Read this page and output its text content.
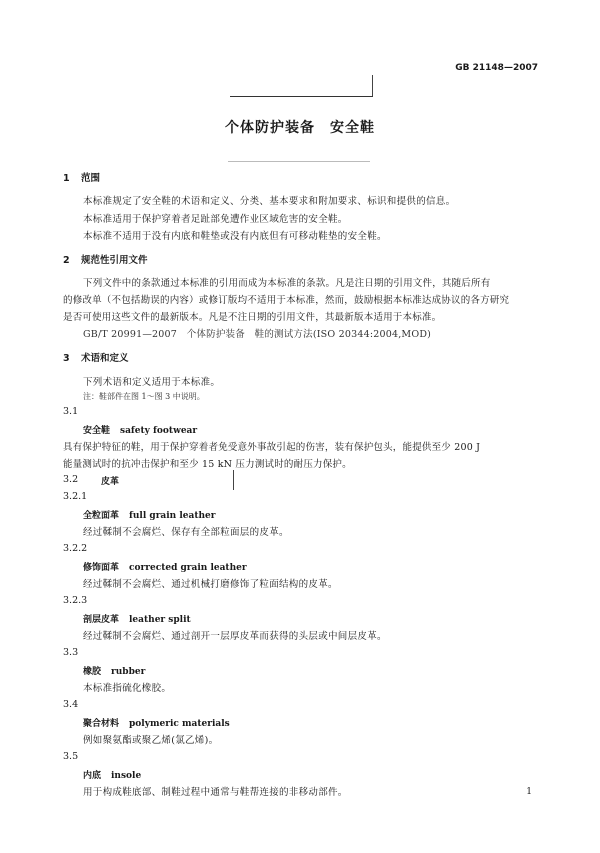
GB 21148—2007
个体防护装备　安全鞋
1 范围
本标准规定了安全鞋的术语和定义、分类、基本要求和附加要求、标识和提供的信息。
本标准适用于保护穿着者足趾部免遭作业区域危害的安全鞋。
本标准不适用于没有内底和鞋垫或没有内底但有可移动鞋垫的安全鞋。
2 规范性引用文件
下列文件中的条款通过本标准的引用而成为本标准的条款。凡是注日期的引用文件，其随后所有
的修改单（不包括勘误的内容）或修订版均不适用于本标准，然而，鼓励根据本标准达成协议的各方研究
是否可使用这些文件的最新版本。凡是不注日期的引用文件，其最新版本适用于本标准。
GB/T 20991—2007　个体防护装备　鞋的测试方法(ISO 20344:2004,MOD)
3 术语和定义
下列术语和定义适用于本标准。
注：鞋部件在图 1～图 3 中说明。
3.1
安全鞋 safety footwear
具有保护特征的鞋，用于保护穿着者免受意外事故引起的伤害，装有保护包头，能提供至少 200 J
能量测试时的抗冲击保护和至少 15 kN 压力测试时的耐压力保护。
3.2	皮革
3.2.1
全粒面革 full grain leather
经过鞣制不会腐烂、保存有全部粒面层的皮革。
3.2.2
修饰面革 corrected grain leather
经过鞣制不会腐烂、通过机械打磨修饰了粒面结构的皮革。
3.2.3
剖层皮革 leather split
经过鞣制不会腐烂、通过剖开一层厚皮革而获得的头层或中间层皮革。
3.3
橡胶 rubber
本标准指硫化橡胶。
3.4
聚合材料 polymeric materials
例如聚氨酯或聚乙烯(氯乙烯)。
3.5
内底 insole
用于构成鞋底部、制鞋过程中通常与鞋帮连接的非移动部件。	1
